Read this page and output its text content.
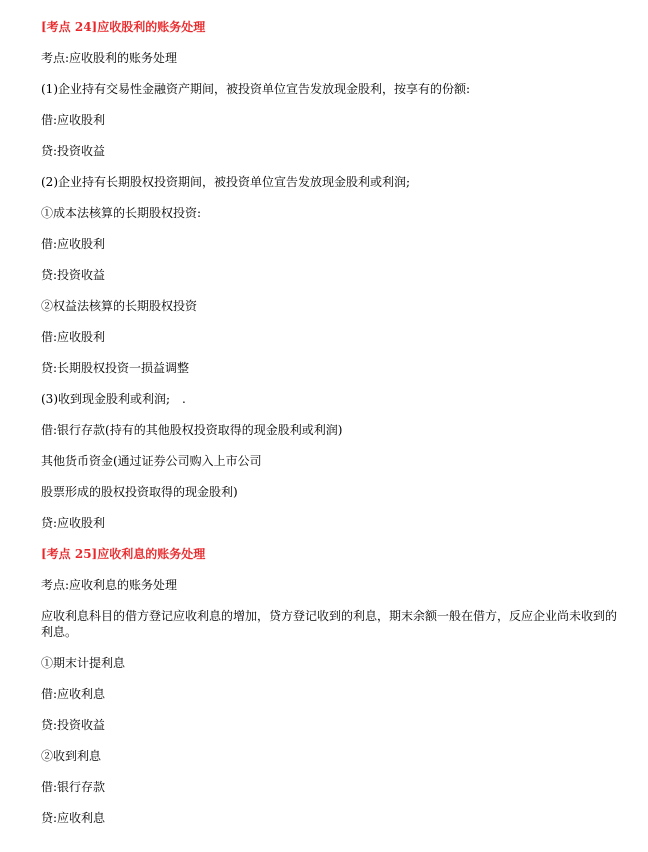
[考点 24]应收股利的账务处理
考点:应收股利的账务处理
(1)企业持有交易性金融资产期间，被投资单位宣告发放现金股利，按享有的份额:
借:应收股利
贷:投资收益
(2)企业持有长期股权投资期间，被投资单位宣告发放现金股利或利润;
①成本法核算的长期股权投资:
借:应收股利
贷:投资收益
②权益法核算的长期股权投资
借:应收股利
贷:长期股权投资一损益调整
(3)收到现金股利或利润;　.
借:银行存款(持有的其他股权投资取得的现金股利或利润)
其他货币资金(通过证券公司购入上市公司
股票形成的股权投资取得的现金股利)
贷:应收股利
[考点 25]应收利息的账务处理
考点:应收利息的账务处理
应收利息科目的借方登记应收利息的增加，贷方登记收到的利息，期末余额一般在借方，反应企业尚未收到的利息。
①期末计提利息
借:应收利息
贷:投资收益
②收到利息
借:银行存款
贷:应收利息
